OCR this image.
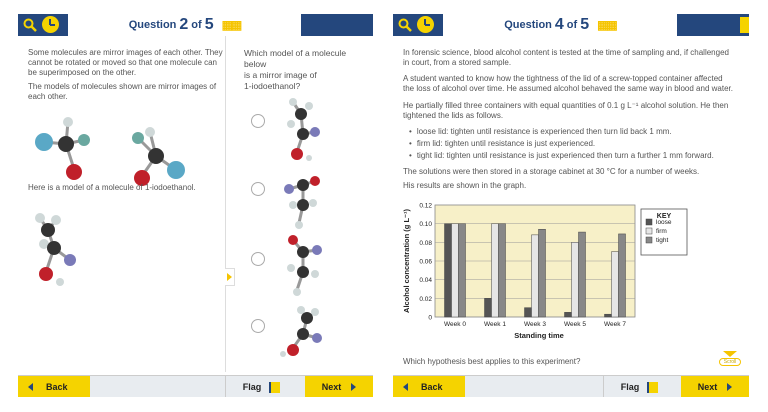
Question 2 of 5 ▦▦
Some molecules are mirror images of each other. They
cannot be rotated or moved so that one molecule can
be superimposed on the other.
The models of molecules shown are mirror images of
each other.
Here is a model of a molecule of 1-iodoethanol.
Which model of a molecule below
is a mirror image of
1-iodoethanol?
Back	Flag	Next
Question 4 of 5 ▦▦
In forensic science, blood alcohol content is tested at the time of sampling and, if challenged
in court, from a stored sample.
A student wanted to know how the tightness of the lid of a screw-topped container affected
the loss of alcohol over time. He assumed alcohol behaved the same way in blood and water.
He partially filled three containers with equal quantities of 0.1 g L⁻¹ alcohol solution. He then
tightened the lids as follows.
• loose lid: tighten until resistance is experienced then turn lid back 1 mm.
• firm lid: tighten until resistance is just experienced.
• tight lid: tighten until resistance is just experienced then turn a further 1 mm forward.
The solutions were then stored in a storage cabinet at 30 °C for a number of weeks.
His results are shown in the graph.
0
0.02
0.04
0.06
0.08
0.10
0.12
Week 0	Week 1	Week 3	Week 5	Week 7
Standing time
Alcohol concentration (g L⁻¹)	KEY
loose
firm
tight
Which hypothesis best applies to this experiment?	Scroll
Back	Flag	Next
